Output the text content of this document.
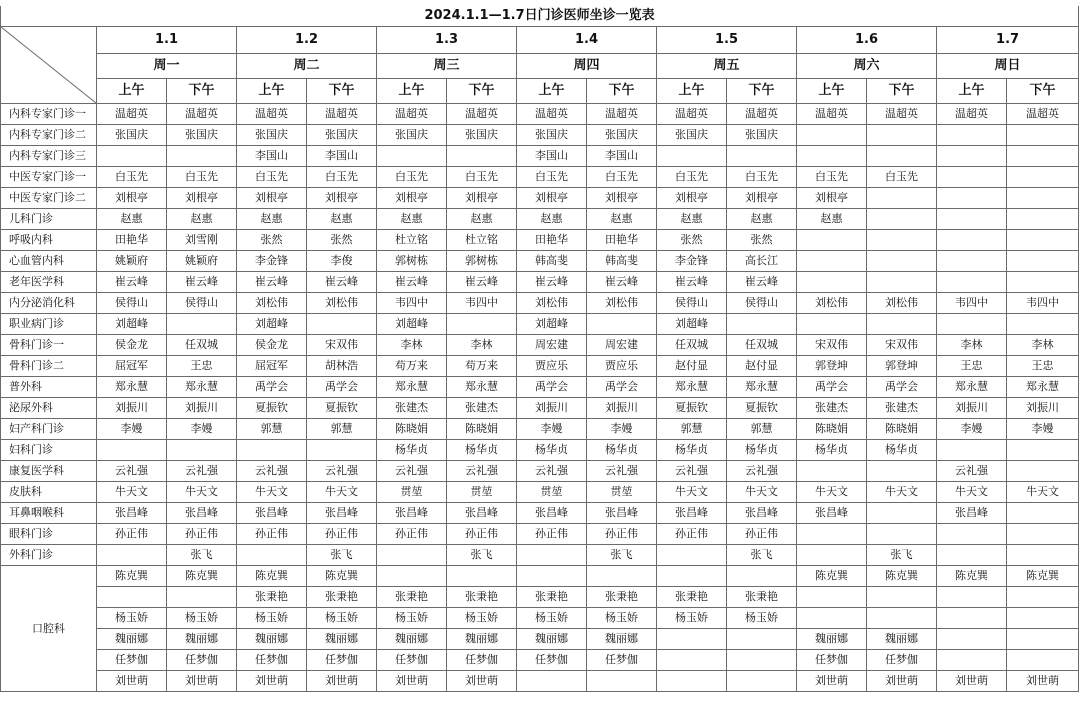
2024.1.1—1.7日门诊医师坐诊一览表														

	1.1		1.2		1.3		1.4		1.5		1.6		1.7	
	周一		周二		周三		周四		周五		周六		周日	
	上午	下午	上午	下午	上午	下午	上午	下午	上午	下午	上午	下午	上午	下午
内科专家门诊一	温超英	温超英	温超英	温超英	温超英	温超英	温超英	温超英	温超英	温超英	温超英	温超英	温超英	温超英
内科专家门诊二	张国庆	张国庆	张国庆	张国庆	张国庆	张国庆	张国庆	张国庆	张国庆	张国庆				
内科专家门诊三			李国山	李国山			李国山	李国山						
中医专家门诊一	白玉先	白玉先	白玉先	白玉先	白玉先	白玉先	白玉先	白玉先	白玉先	白玉先	白玉先	白玉先		
中医专家门诊二	刘根亭	刘根亭	刘根亭	刘根亭	刘根亭	刘根亭	刘根亭	刘根亭	刘根亭	刘根亭	刘根亭			
儿科门诊	赵惠	赵惠	赵惠	赵惠	赵惠	赵惠	赵惠	赵惠	赵惠	赵惠	赵惠			
呼吸内科	田艳华	刘雪刚	张然	张然	杜立铭	杜立铭	田艳华	田艳华	张然	张然				
心血管内科	姚颖府	姚颖府	李金锋	李俊	郭树栋	郭树栋	韩高斐	韩高斐	李金锋	高长江				
老年医学科	崔云峰	崔云峰	崔云峰	崔云峰	崔云峰	崔云峰	崔云峰	崔云峰	崔云峰	崔云峰				
内分泌消化科	侯得山	侯得山	刘松伟	刘松伟	韦四中	韦四中	刘松伟	刘松伟	侯得山	侯得山	刘松伟	刘松伟	韦四中	韦四中
职业病门诊	刘超峰		刘超峰		刘超峰		刘超峰		刘超峰					
骨科门诊一	侯金龙	任双城	侯金龙	宋双伟	李林	李林	周宏建	周宏建	任双城	任双城	宋双伟	宋双伟	李林	李林
骨科门诊二	屈冠军	王忠	屈冠军	胡林浩	苟万来	苟万来	贾应乐	贾应乐	赵付显	赵付显	郭登坤	郭登坤	王忠	王忠
普外科	郑永慧	郑永慧	禹学会	禹学会	郑永慧	郑永慧	禹学会	禹学会	郑永慧	郑永慧	禹学会	禹学会	郑永慧	郑永慧
泌尿外科	刘振川	刘振川	夏振钦	夏振钦	张建杰	张建杰	刘振川	刘振川	夏振钦	夏振钦	张建杰	张建杰	刘振川	刘振川
妇产科门诊	李嫚	李嫚	郭慧	郭慧	陈晓娟	陈晓娟	李嫚	李嫚	郭慧	郭慧	陈晓娟	陈晓娟	李嫚	李嫚
妇科门诊					杨华贞	杨华贞	杨华贞	杨华贞	杨华贞	杨华贞	杨华贞	杨华贞		
康复医学科	云礼强	云礼强	云礼强	云礼强	云礼强	云礼强	云礼强	云礼强	云礼强	云礼强			云礼强	
皮肤科	牛天文	牛天文	牛天文	牛天文	贯堃	贯堃	贯堃	贯堃	牛天文	牛天文	牛天文	牛天文	牛天文	牛天文
耳鼻咽喉科	张昌峰	张昌峰	张昌峰	张昌峰	张昌峰	张昌峰	张昌峰	张昌峰	张昌峰	张昌峰	张昌峰		张昌峰	
眼科门诊	孙正伟	孙正伟	孙正伟	孙正伟	孙正伟	孙正伟	孙正伟	孙正伟	孙正伟	孙正伟				
外科门诊		张飞		张飞		张飞		张飞		张飞		张飞		
口腔科	陈克巽	陈克巽	陈克巽	陈克巽							陈克巽	陈克巽	陈克巽	陈克巽
			张秉艳	张秉艳	张秉艳	张秉艳	张秉艳	张秉艳	张秉艳	张秉艳				
	杨玉娇	杨玉娇	杨玉娇	杨玉娇	杨玉娇	杨玉娇	杨玉娇	杨玉娇	杨玉娇	杨玉娇				
	魏丽娜	魏丽娜	魏丽娜	魏丽娜	魏丽娜	魏丽娜	魏丽娜	魏丽娜			魏丽娜	魏丽娜		
	任梦伽	任梦伽	任梦伽	任梦伽	任梦伽	任梦伽	任梦伽	任梦伽			任梦伽	任梦伽		
	刘世萌	刘世萌	刘世萌	刘世萌	刘世萌	刘世萌					刘世萌	刘世萌	刘世萌	刘世萌
